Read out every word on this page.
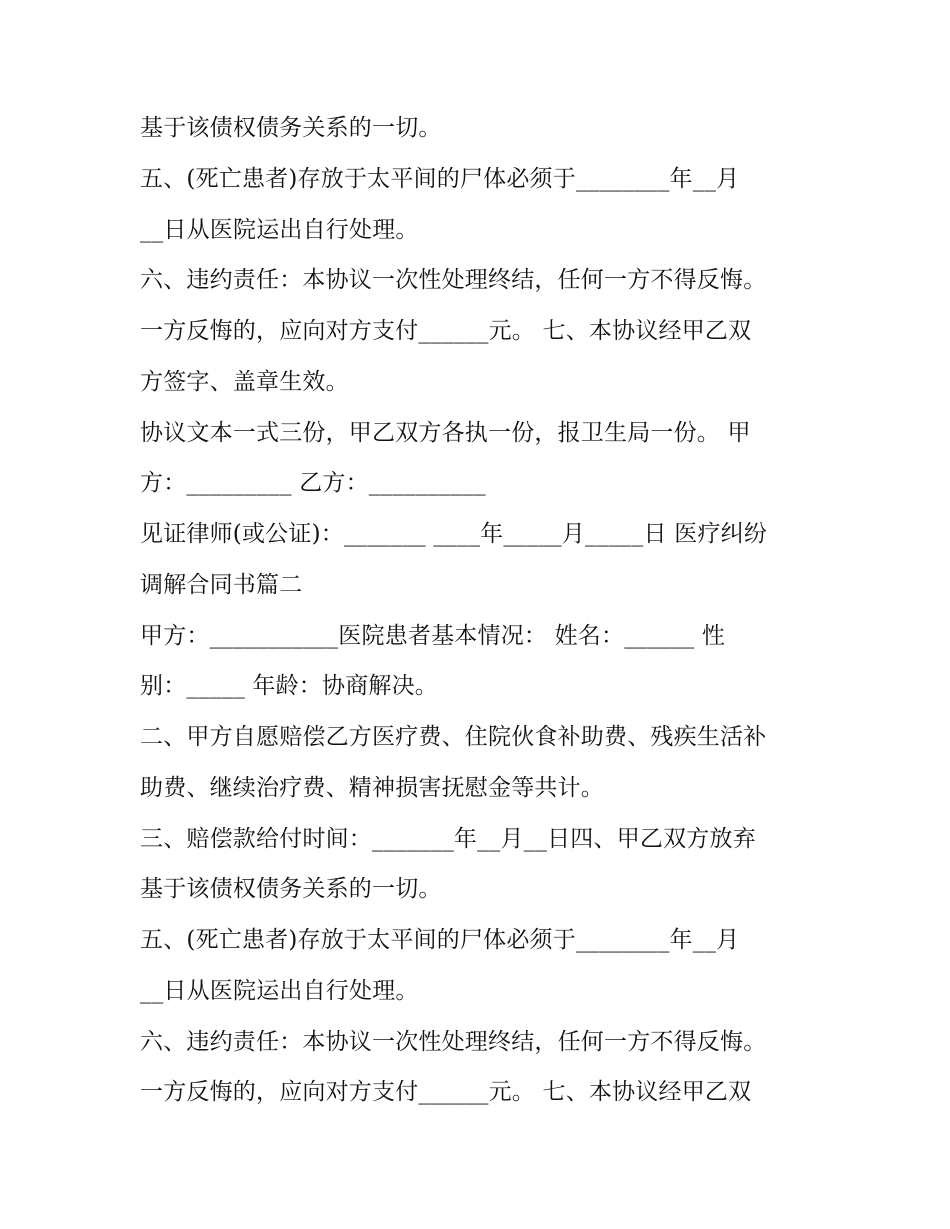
基于该债权债务关系的一切。
五、(死亡患者)存放于太平间的尸体必须于________年__月
__日从医院运出自行处理。
六、违约责任：本协议一次性处理终结，任何一方不得反悔。
一方反悔的，应向对方支付______元。 七、本协议经甲乙双
方签字、盖章生效。
协议文本一式三份，甲乙双方各执一份，报卫生局一份。 甲
方：_________ 乙方：__________
见证律师(或公证)：_______ ____年_____月_____日 医疗纠纷
调解合同书篇二
甲方：___________医院患者基本情况： 姓名：______ 性
别：_____ 年龄：协商解决。
二、甲方自愿赔偿乙方医疗费、住院伙食补助费、残疾生活补
助费、继续治疗费、精神损害抚慰金等共计。
三、赔偿款给付时间：_______年__月__日四、甲乙双方放弃
基于该债权债务关系的一切。
五、(死亡患者)存放于太平间的尸体必须于________年__月
__日从医院运出自行处理。
六、违约责任：本协议一次性处理终结，任何一方不得反悔。
一方反悔的，应向对方支付______元。 七、本协议经甲乙双
